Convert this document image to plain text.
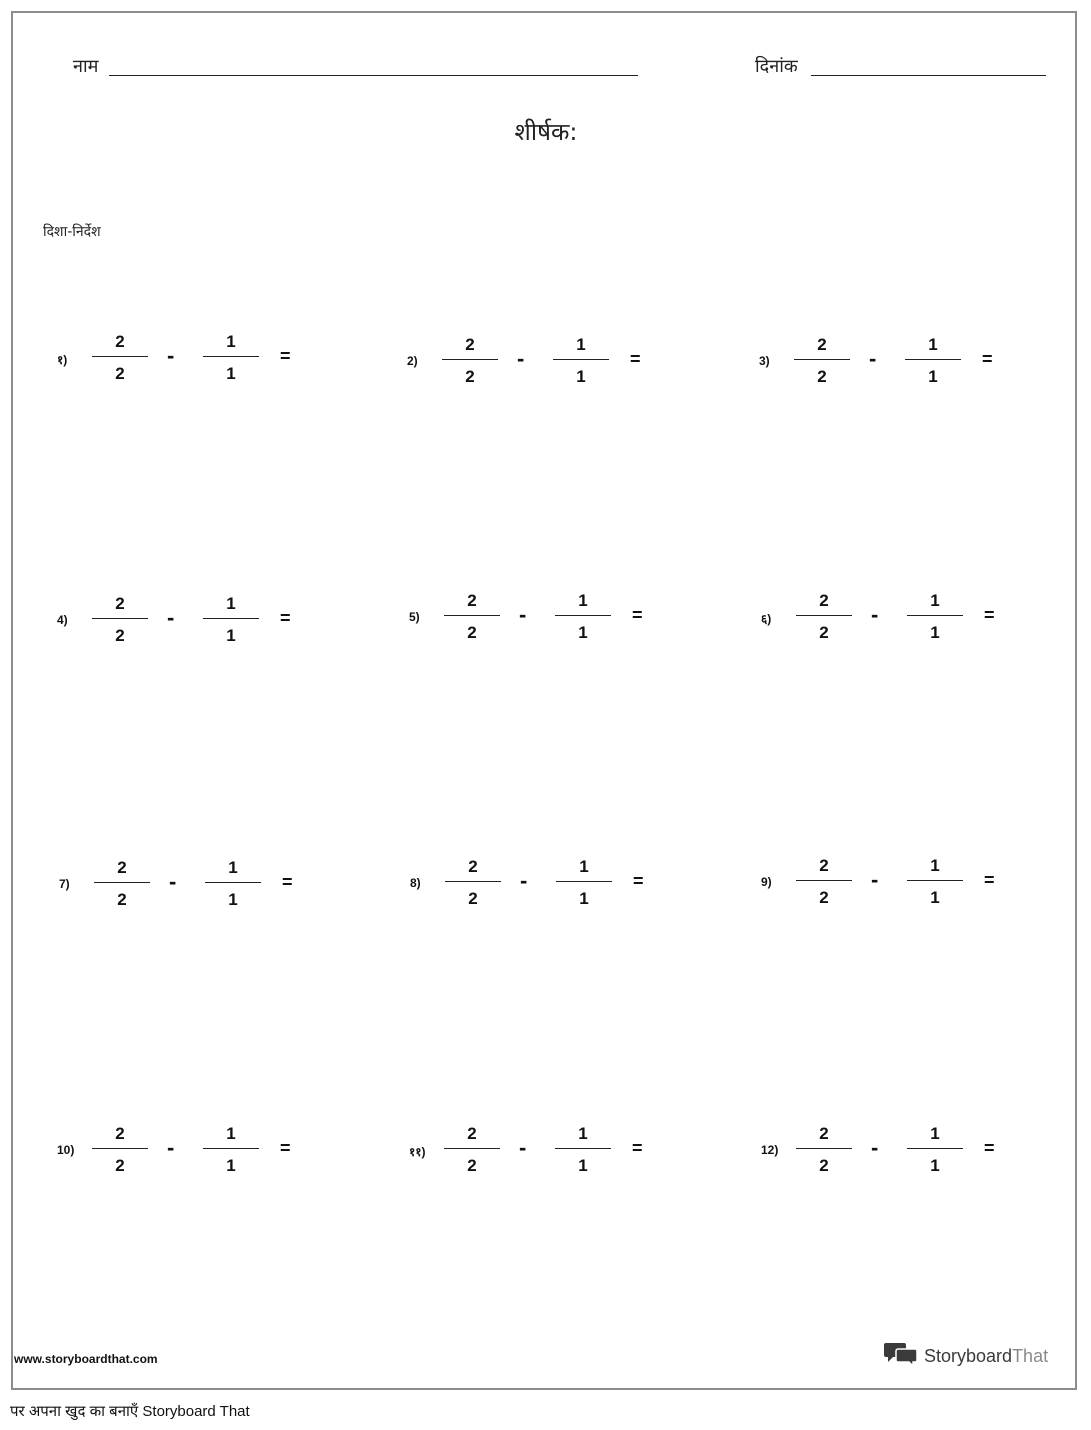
नाम	दिनांक
शीर्षक:
दिशा-निर्देश
१)
2
2
-
1
1
=	2)
2
2
-
1
1
=	3)
2
2
-
1
1
=
4)
2
2
-
1
1
=	5)
2
2
-
1
1
=	६)
2
2
-
1
1
=
7)
2
2
-
1
1
=	8)
2
2
-
1
1
=	9)
2
2
-
1
1
=
10)
2
2
-
1
1
=	११)
2
2
-
1
1
=	12)
2
2
-
1
1
=
www.storyboardthat.com	StoryboardThat
पर अपना खुद का बनाएँ Storyboard That
